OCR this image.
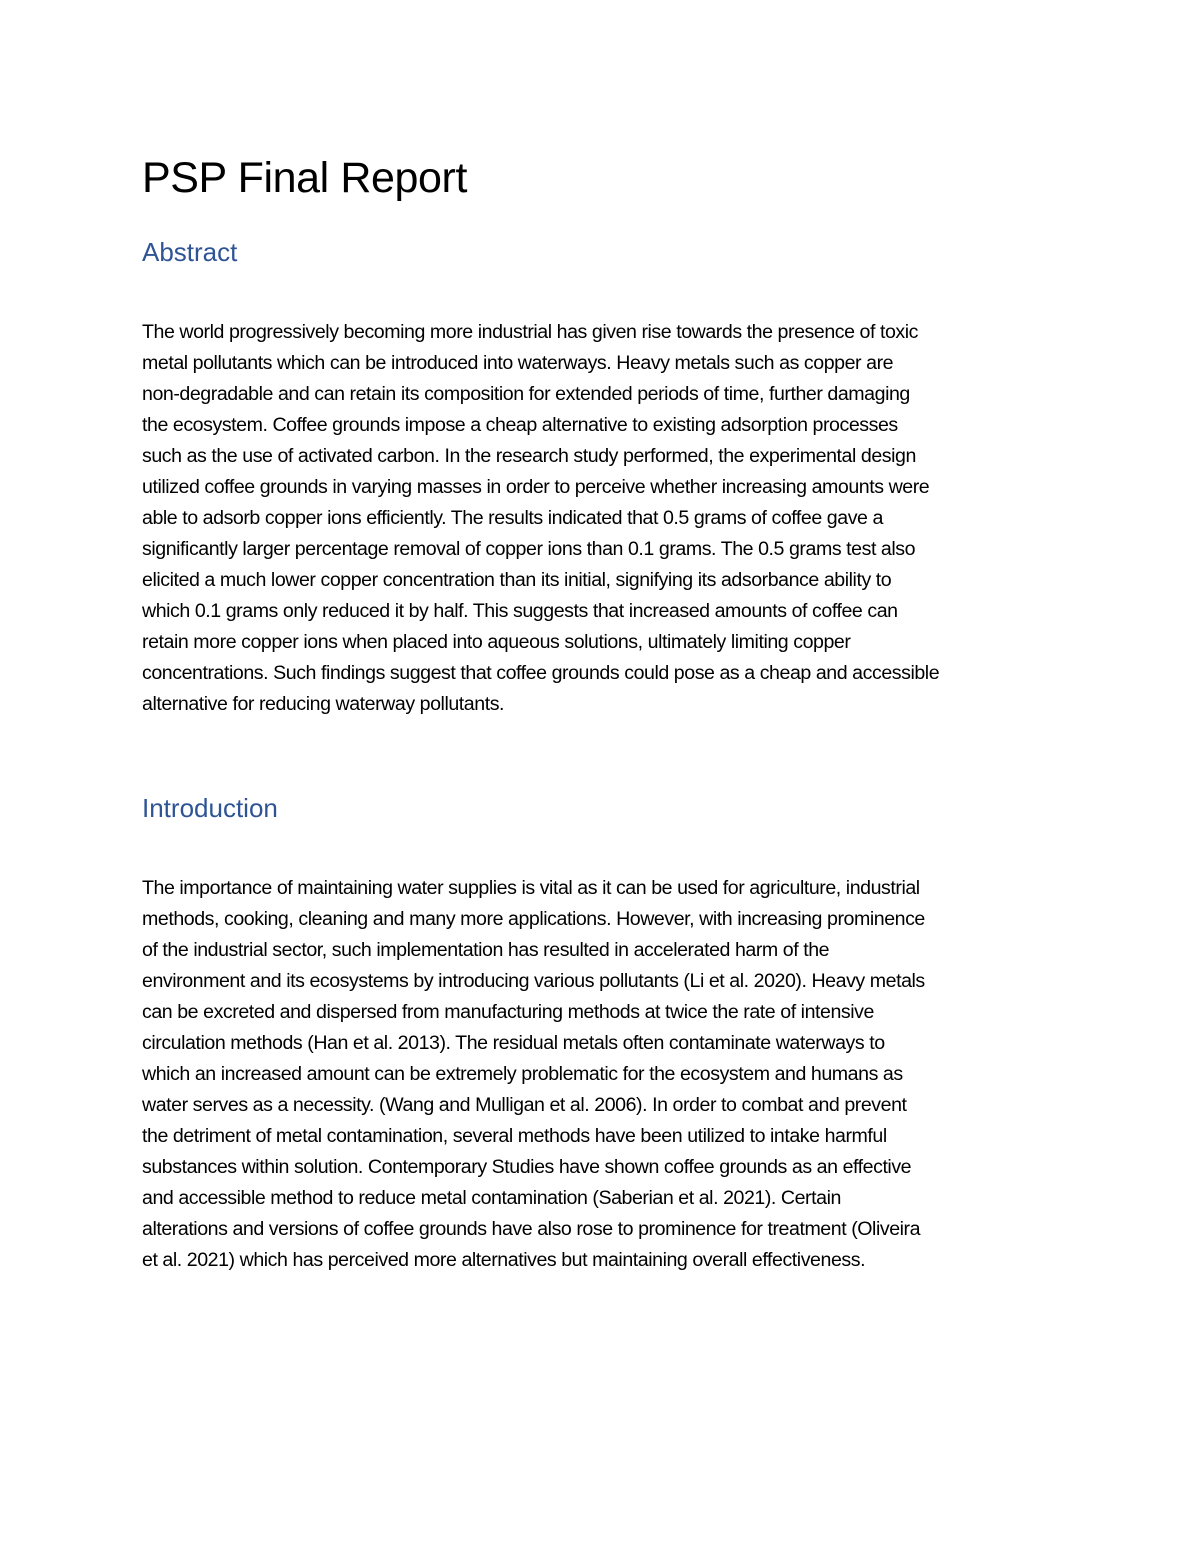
PSP Final Report
Abstract
The world progressively becoming more industrial has given rise towards the presence of toxic
metal pollutants which can be introduced into waterways. Heavy metals such as copper are
non-degradable and can retain its composition for extended periods of time, further damaging
the ecosystem. Coffee grounds impose a cheap alternative to existing adsorption processes
such as the use of activated carbon. In the research study performed, the experimental design
utilized coffee grounds in varying masses in order to perceive whether increasing amounts were
able to adsorb copper ions efficiently. The results indicated that 0.5 grams of coffee gave a
significantly larger percentage removal of copper ions than 0.1 grams. The 0.5 grams test also
elicited a much lower copper concentration than its initial, signifying its adsorbance ability to
which 0.1 grams only reduced it by half. This suggests that increased amounts of coffee can
retain more copper ions when placed into aqueous solutions, ultimately limiting copper
concentrations. Such findings suggest that coffee grounds could pose as a cheap and accessible
alternative for reducing waterway pollutants.
Introduction
The importance of maintaining water supplies is vital as it can be used for agriculture, industrial
methods, cooking, cleaning and many more applications. However, with increasing prominence
of the industrial sector, such implementation has resulted in accelerated harm of the
environment and its ecosystems by introducing various pollutants (Li et al. 2020). Heavy metals
can be excreted and dispersed from manufacturing methods at twice the rate of intensive
circulation methods (Han et al. 2013). The residual metals often contaminate waterways to
which an increased amount can be extremely problematic for the ecosystem and humans as
water serves as a necessity. (Wang and Mulligan et al. 2006). In order to combat and prevent
the detriment of metal contamination, several methods have been utilized to intake harmful
substances within solution. Contemporary Studies have shown coffee grounds as an effective
and accessible method to reduce metal contamination (Saberian et al. 2021). Certain
alterations and versions of coffee grounds have also rose to prominence for treatment (Oliveira
et al. 2021) which has perceived more alternatives but maintaining overall effectiveness.
